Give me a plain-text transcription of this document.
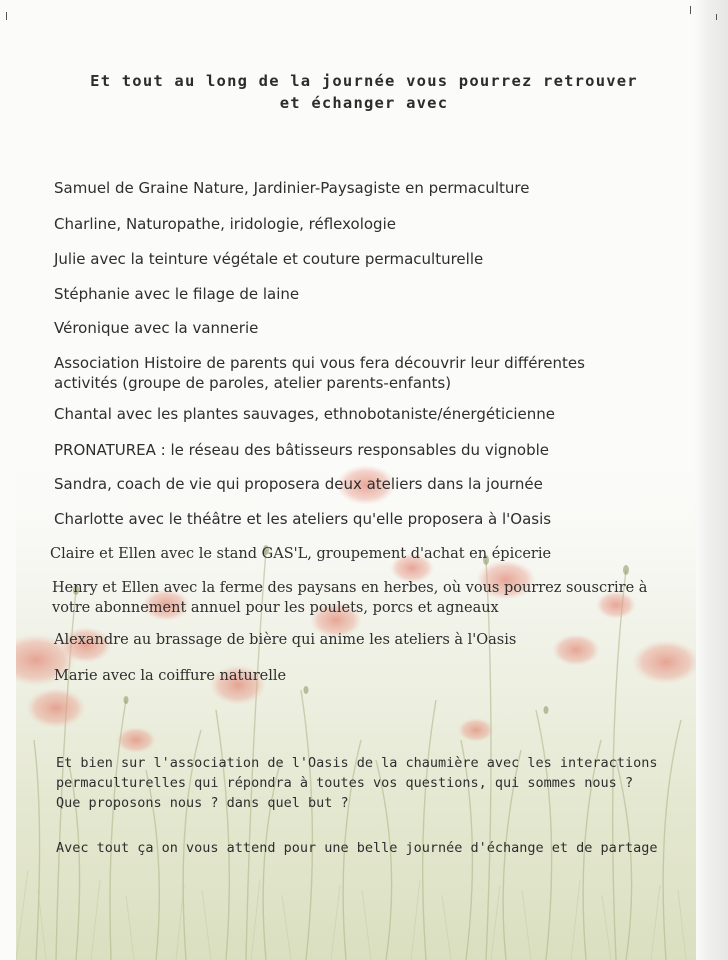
Et tout au long de la journée vous pourrez retrouver
et échanger avec
Samuel de Graine Nature, Jardinier-Paysagiste en permaculture
Charline, Naturopathe, iridologie, réflexologie
Julie avec la teinture végétale et couture permaculturelle
Stéphanie avec le filage de laine
Véronique avec la vannerie
Association Histoire de parents qui vous fera découvrir leur différentes
activités (groupe de paroles, atelier parents-enfants)
Chantal avec les plantes sauvages, ethnobotaniste/énergéticienne
PRONATUREA : le réseau des bâtisseurs responsables du vignoble
Sandra, coach de vie qui proposera deux ateliers dans la journée
Charlotte avec le théâtre et les ateliers qu'elle proposera à l'Oasis
Claire et Ellen avec le stand GAS'L, groupement d'achat en épicerie
Henry et Ellen avec la ferme des paysans en herbes, où vous pourrez souscrire à
votre abonnement annuel pour les poulets, porcs et agneaux
Alexandre au brassage de bière qui anime les ateliers à l'Oasis
Marie avec la coiffure naturelle
Et bien sur l'association de l'Oasis de la chaumière avec les interactions
permaculturelles qui répondra à toutes vos questions, qui sommes nous ?
Que proposons nous ? dans quel but ?
Avec tout ça on vous attend pour une belle journée d'échange et de partage
